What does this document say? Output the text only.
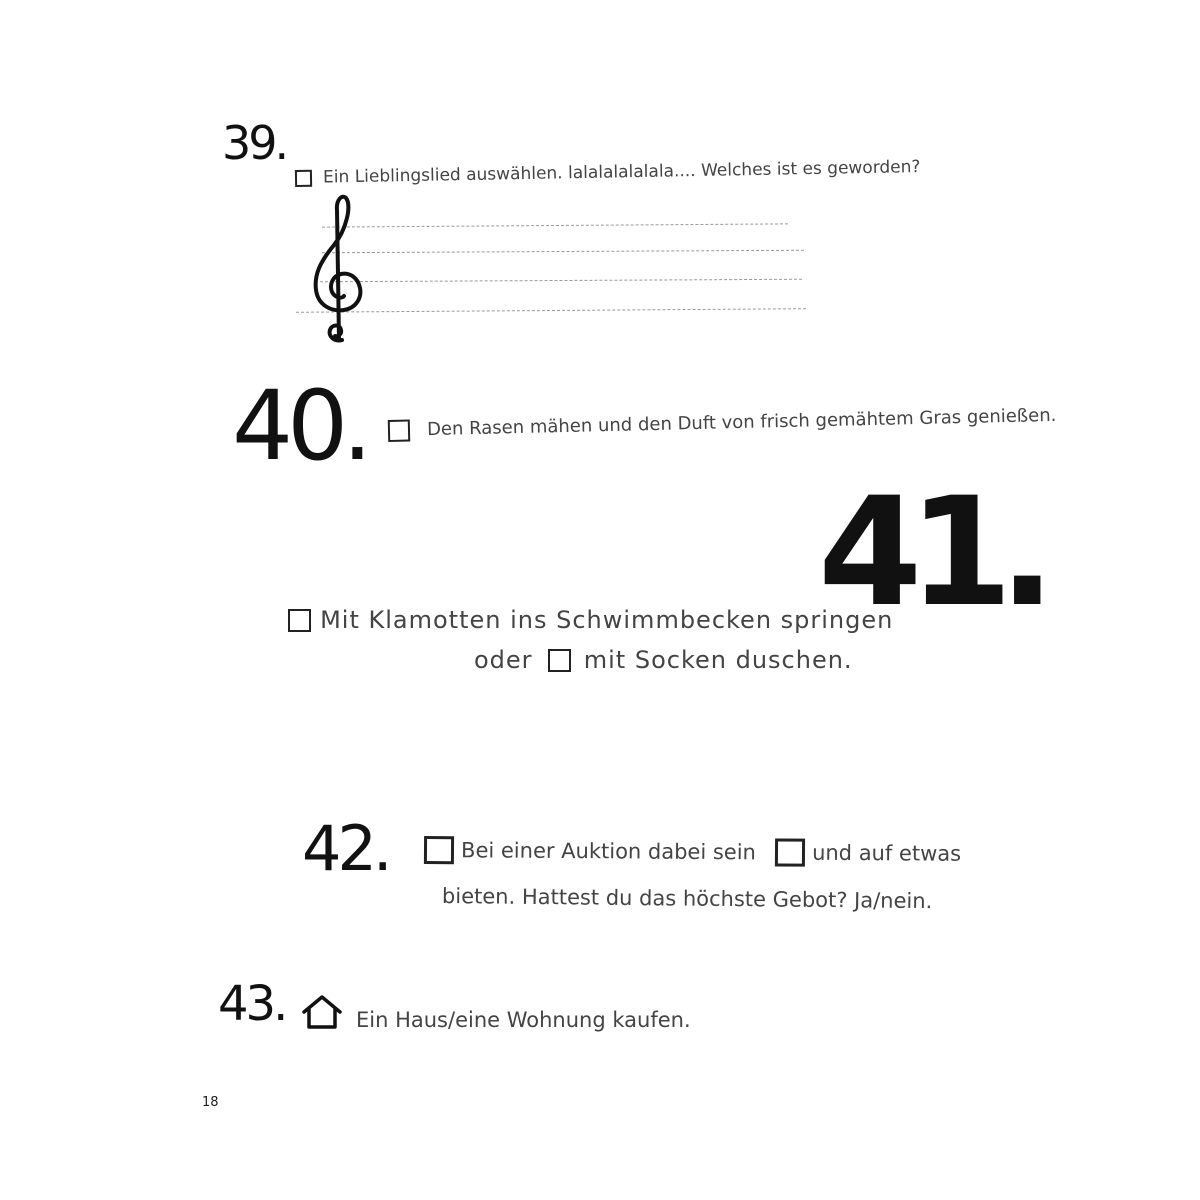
39.
Ein Lieblingslied auswählen. lalalalalalala.... Welches ist es geworden?
40.	Den Rasen mähen und den Duft von frisch gemähtem Gras genießen.
41.
Mit Klamotten ins Schwimmbecken springen
oder mit Socken duschen.
42.	Bei einer Auktion dabei sein	und auf etwas
bieten. Hattest du das höchste Gebot? Ja/nein.
43.	Ein Haus/eine Wohnung kaufen.
18
